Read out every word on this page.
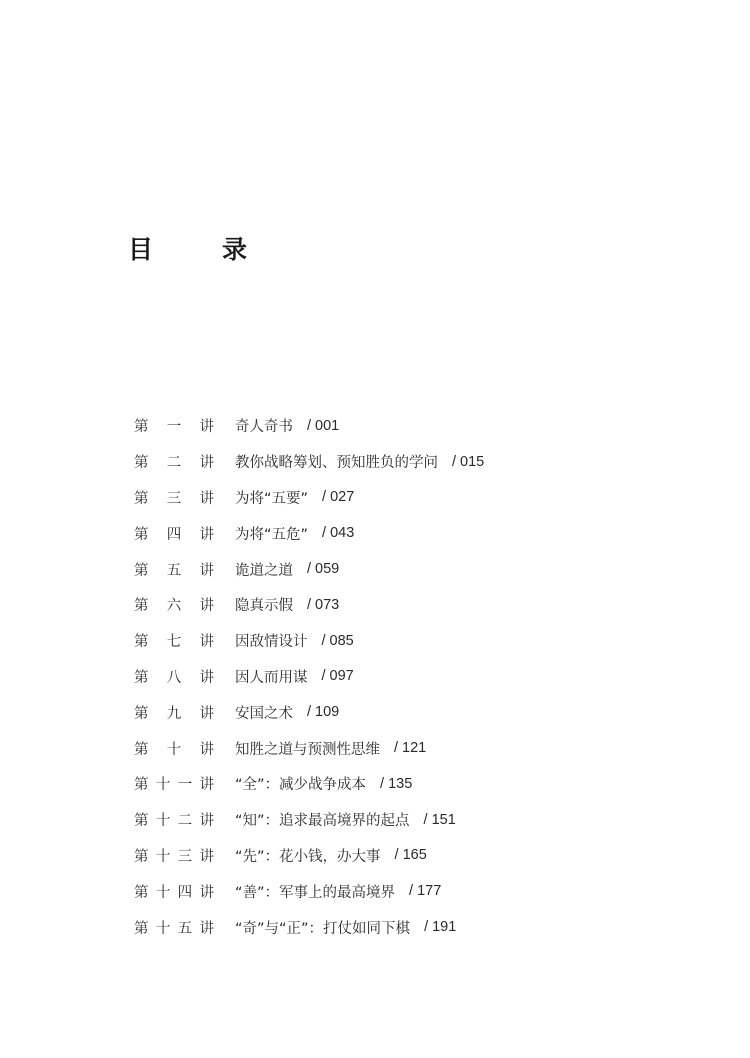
目　录
第 一 讲 奇人奇书 / 001
第 二 讲 教你战略筹划、预知胜负的学问 / 015
第 三 讲 为将“五要” / 027
第 四 讲 为将“五危” / 043
第 五 讲 诡道之道 / 059
第 六 讲 隐真示假 / 073
第 七 讲 因敌情设计 / 085
第 八 讲 因人而用谋 / 097
第 九 讲 安国之术 / 109
第 十 讲 知胜之道与预测性思维 / 121
第 十 一 讲 “全”：减少战争成本 / 135
第 十 二 讲 “知”：追求最高境界的起点 / 151
第 十 三 讲 “先”：花小钱，办大事 / 165
第 十 四 讲 “善”：军事上的最高境界 / 177
第 十 五 讲 “奇”与“正”：打仗如同下棋 / 191
